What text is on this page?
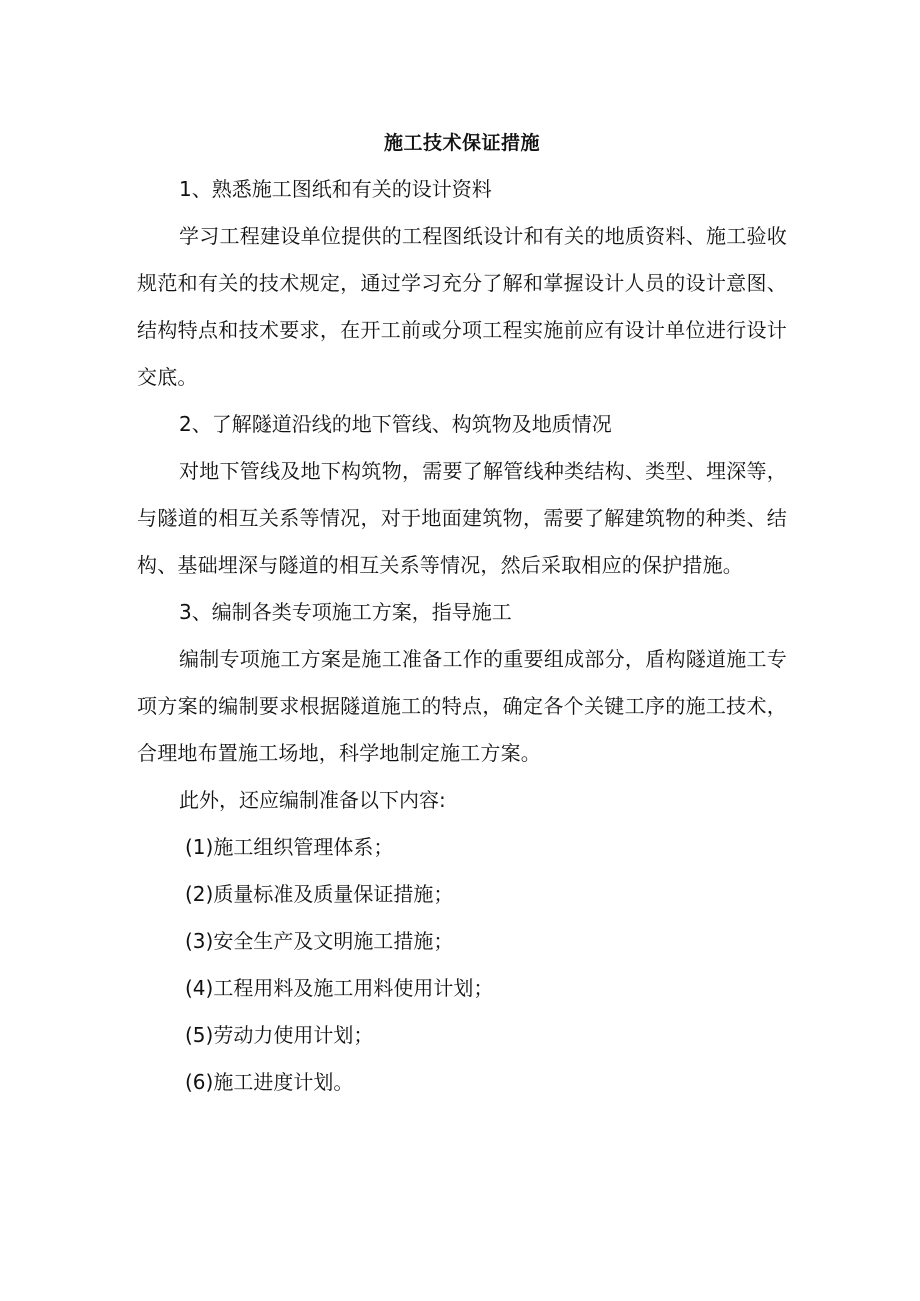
施工技术保证措施

1、熟悉施工图纸和有关的设计资料

学习工程建设单位提供的工程图纸设计和有关的地质资料、施工验收规范和有关的技术规定，通过学习充分了解和掌握设计人员的设计意图、结构特点和技术要求，在开工前或分项工程实施前应有设计单位进行设计交底。

2、了解隧道沿线的地下管线、构筑物及地质情况

对地下管线及地下构筑物，需要了解管线种类结构、类型、埋深等，与隧道的相互关系等情况，对于地面建筑物，需要了解建筑物的种类、结构、基础埋深与隧道的相互关系等情况，然后采取相应的保护措施。

3、编制各类专项施工方案，指导施工

编制专项施工方案是施工准备工作的重要组成部分，盾构隧道施工专项方案的编制要求根据隧道施工的特点，确定各个关键工序的施工技术，合理地布置施工场地，科学地制定施工方案。

此外，还应编制准备以下内容:

(1)施工组织管理体系；
(2)质量标准及质量保证措施；
(3)安全生产及文明施工措施；
(4)工程用料及施工用料使用计划；
(5)劳动力使用计划；
(6)施工进度计划。
